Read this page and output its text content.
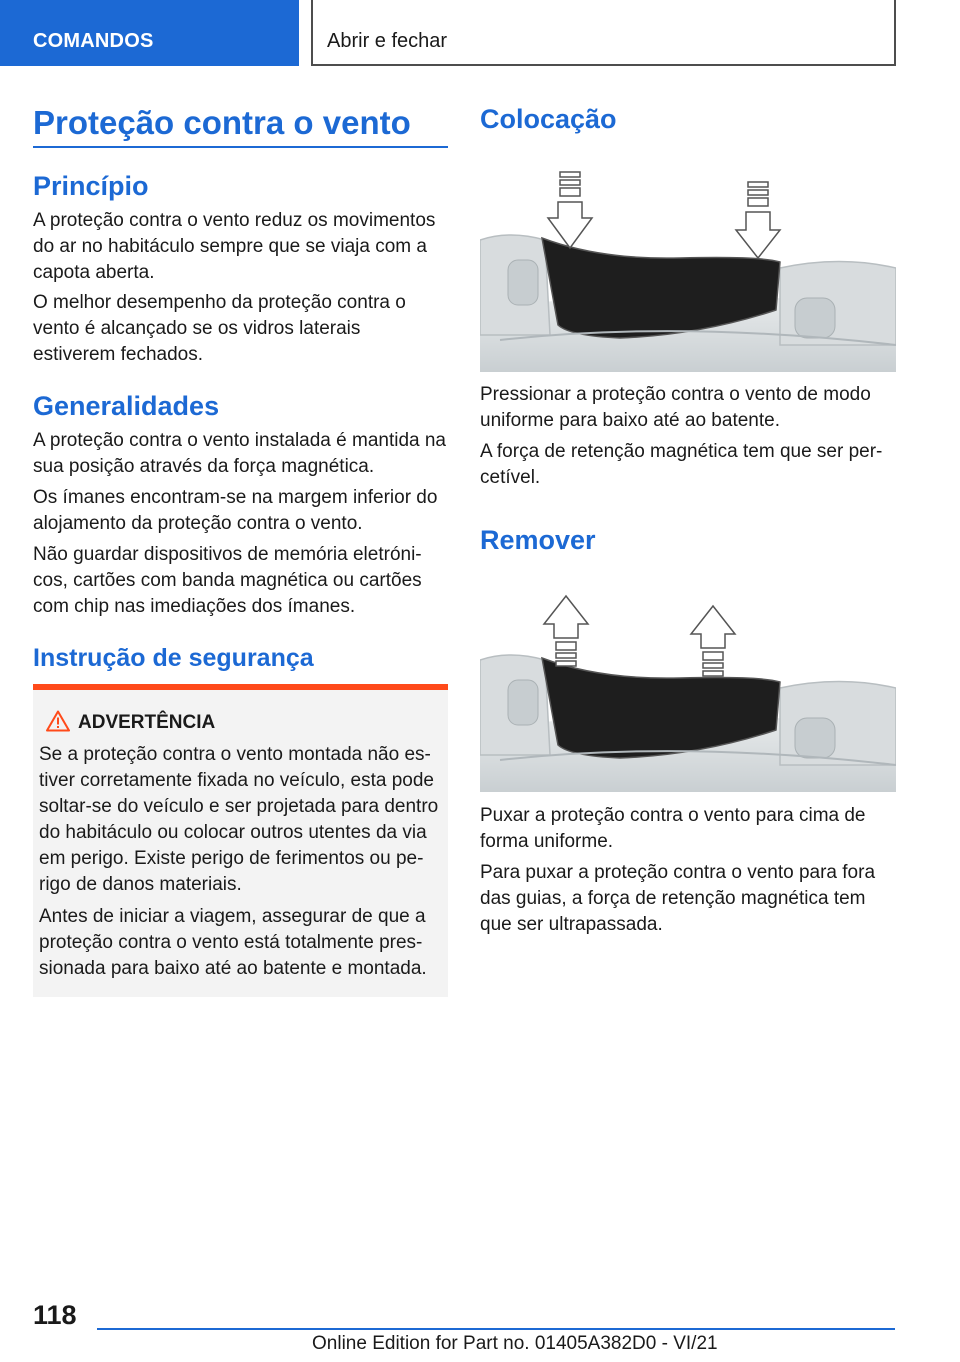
COMANDOS	Abrir e fechar
Proteção contra o vento
Princípio
A proteção contra o vento reduz os movimentos do ar no habitáculo sempre que se viaja com a capota aberta.
O melhor desempenho da proteção contra o vento é alcançado se os vidros laterais estiverem fechados.
Generalidades
A proteção contra o vento instalada é mantida na sua posição através da força magnética.
Os ímanes encontram-se na margem inferior do alojamento da proteção contra o vento.
Não guardar dispositivos de memória eletróni-cos, cartões com banda magnética ou cartões com chip nas imediações dos ímanes.
Instrução de segurança
ADVERTÊNCIA
Se a proteção contra o vento montada não es-tiver corretamente fixada no veículo, esta pode soltar-se do veículo e ser projetada para dentro do habitáculo ou colocar outros utentes da via em perigo. Existe perigo de ferimentos ou pe-rigo de danos materiais.
Antes de iniciar a viagem, assegurar de que a proteção contra o vento está totalmente pres-sionada para baixo até ao batente e montada.
Colocação
Pressionar a proteção contra o vento de modo uniforme para baixo até ao batente.
A força de retenção magnética tem que ser per-cetível.
Remover
Puxar a proteção contra o vento para cima de forma uniforme.
Para puxar a proteção contra o vento para fora das guias, a força de retenção magnética tem que ser ultrapassada.
118
Online Edition for Part no. 01405A382D0 - VI/21
